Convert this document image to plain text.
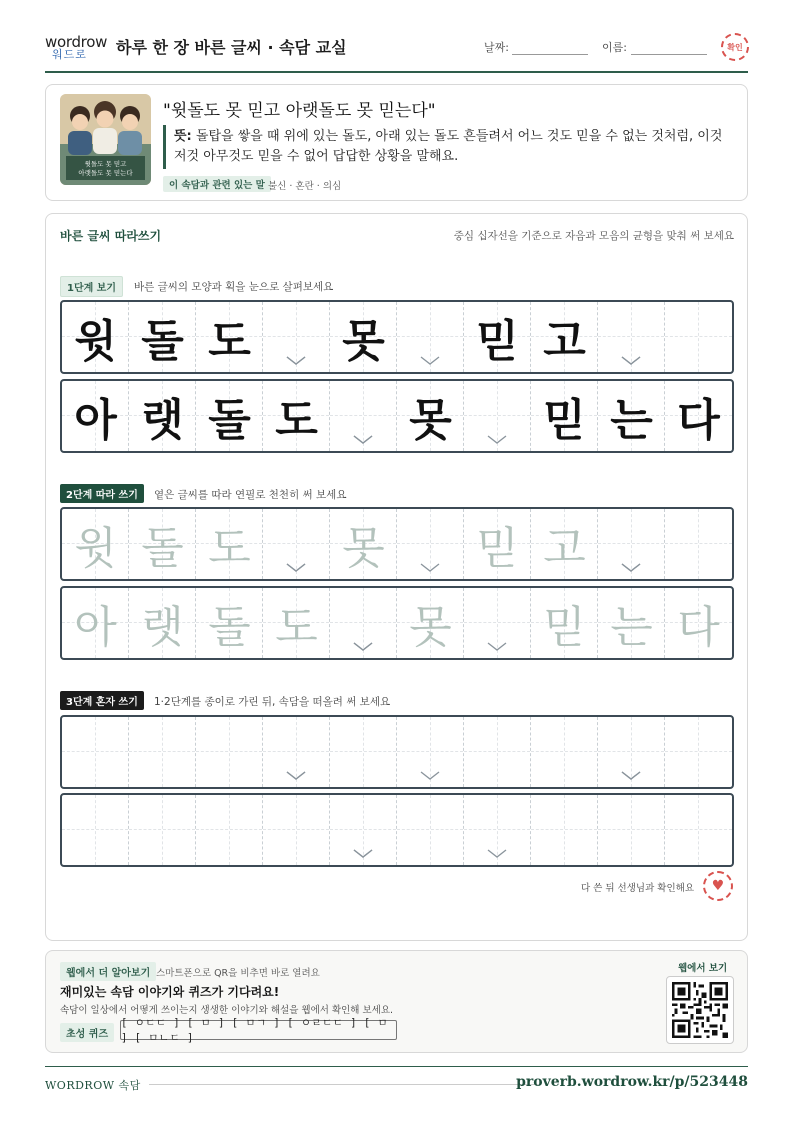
wordrow
워드로 하루 한 장 바른 글씨 · 속담 교실	날짜:	이름:	확인
윗돌도 못 믿고
아랫돌도 못 믿는다
"윗돌도 못 믿고 아랫돌도 못 믿는다"
뜻: 돌탑을 쌓을 때 위에 있는 돌도, 아래 있는 돌도 흔들려서 어느 것도 믿을 수 없는 것처럼, 이것저것 아무것도 믿을 수 없어 답답한 상황을 말해요.
이 속담과 관련 있는 말 불신 · 혼란 · 의심
바른 글씨 따라쓰기	중심 십자선을 기준으로 자음과 모음의 균형을 맞춰 써 보세요
1단계 보기	바른 글씨의 모양과 획을 눈으로 살펴보세요
윗 돌 도 못 믿 고
아 랫 돌 도 못 믿 는 다
2단계 따라 쓰기	옅은 글씨를 따라 연필로 천천히 써 보세요
윗 돌 도 못 믿 고
아 랫 돌 도 못 믿 는 다
3단계 혼자 쓰기	1·2단계를 종이로 가린 뒤, 속담을 떠올려 써 보세요
다 쓴 뒤 선생님과 확인해요	♥
웹에서 더 알아보기 스마트폰으로 QR을 비추면 바로 열려요
재미있는 속담 이야기와 퀴즈가 기다려요!
속담이 일상에서 어떻게 쓰이는지 생생한 이야기와 해설을 웹에서 확인해 보세요.
초성 퀴즈
[ ㅇㄷㄷ ] [ ㅁ ] [ ㅁㄱ ] [ ㅇㄹㄷㄷ ] [ ㅁ ] [ ㅁㄴㄷ ]
웹에서 보기
WORDROW 속담	proverb.wordrow.kr/p/523448
